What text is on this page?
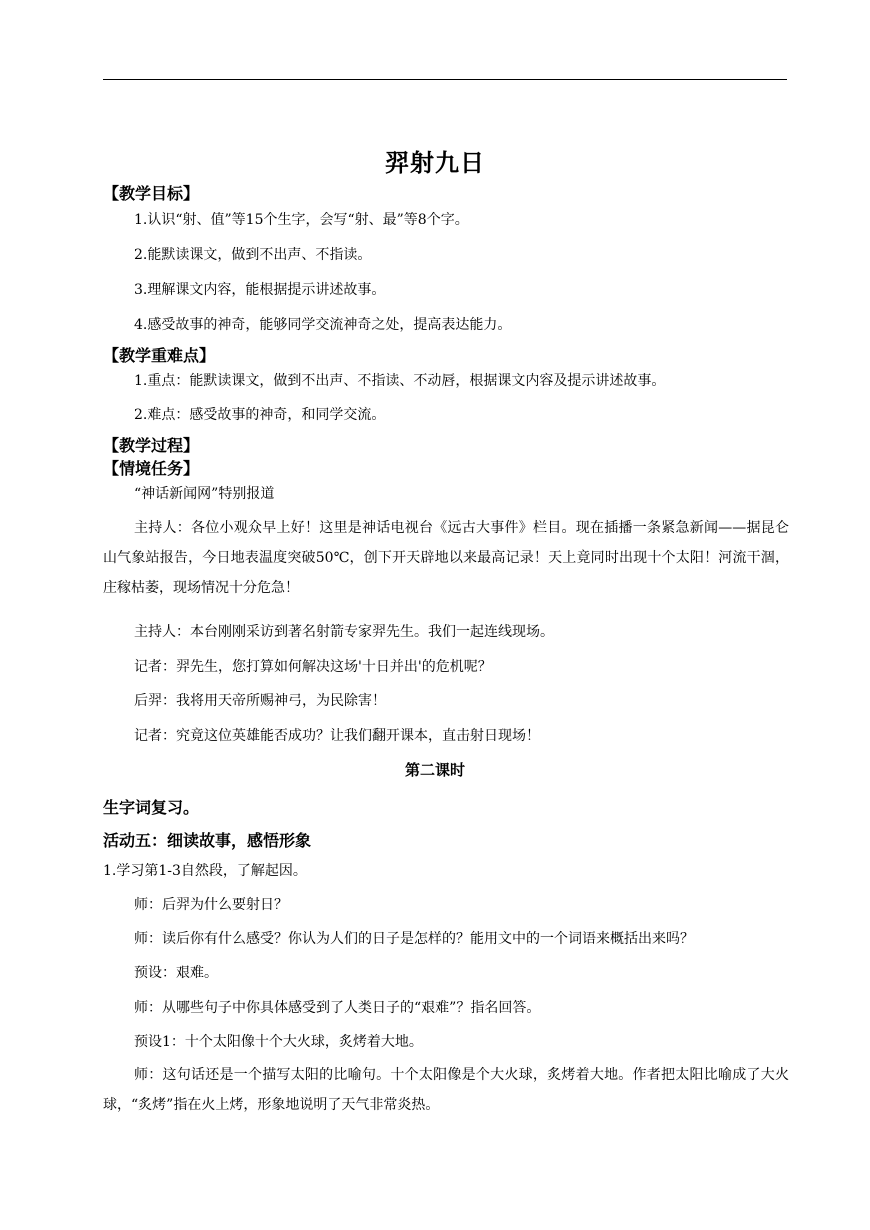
羿射九日
【教学目标】
1.认识“射、值”等15个生字，会写“射、最”等8个字。
2.能默读课文，做到不出声、不指读。
3.理解课文内容，能根据提示讲述故事。
4.感受故事的神奇，能够同学交流神奇之处，提高表达能力。
【教学重难点】
1.重点：能默读课文，做到不出声、不指读、不动唇，根据课文内容及提示讲述故事。
2.难点：感受故事的神奇，和同学交流。
【教学过程】
【情境任务】
“神话新闻网”特别报道

主持人：各位小观众早上好！这里是神话电视台《远古大事件》栏目。现在插播一条紧急新闻——据昆仑山气象站报告，今日地表温度突破50℃，创下开天辟地以来最高记录！天上竟同时出现十个太阳！河流干涸，庄稼枯萎，现场情况十分危急！

主持人：本台刚刚采访到著名射箭专家羿先生。我们一起连线现场。
记者：羿先生，您打算如何解决这场'十日并出'的危机呢？
后羿：我将用天帝所赐神弓，为民除害！
记者：究竟这位英雄能否成功？让我们翻开课本，直击射日现场！
第二课时
生字词复习。
活动五：细读故事，感悟形象
1.学习第1-3自然段，了解起因。
师：后羿为什么要射日？
师：读后你有什么感受？你认为人们的日子是怎样的？能用文中的一个词语来概括出来吗？
预设：艰难。
师：从哪些句子中你具体感受到了人类日子的“艰难”？指名回答。
预设1：十个太阳像十个大火球，炙烤着大地。

师：这句话还是一个描写太阳的比喻句。十个太阳像是个大火球，炙烤着大地。作者把太阳比喻成了大火球，“炙烤”指在火上烤，形象地说明了天气非常炎热。
